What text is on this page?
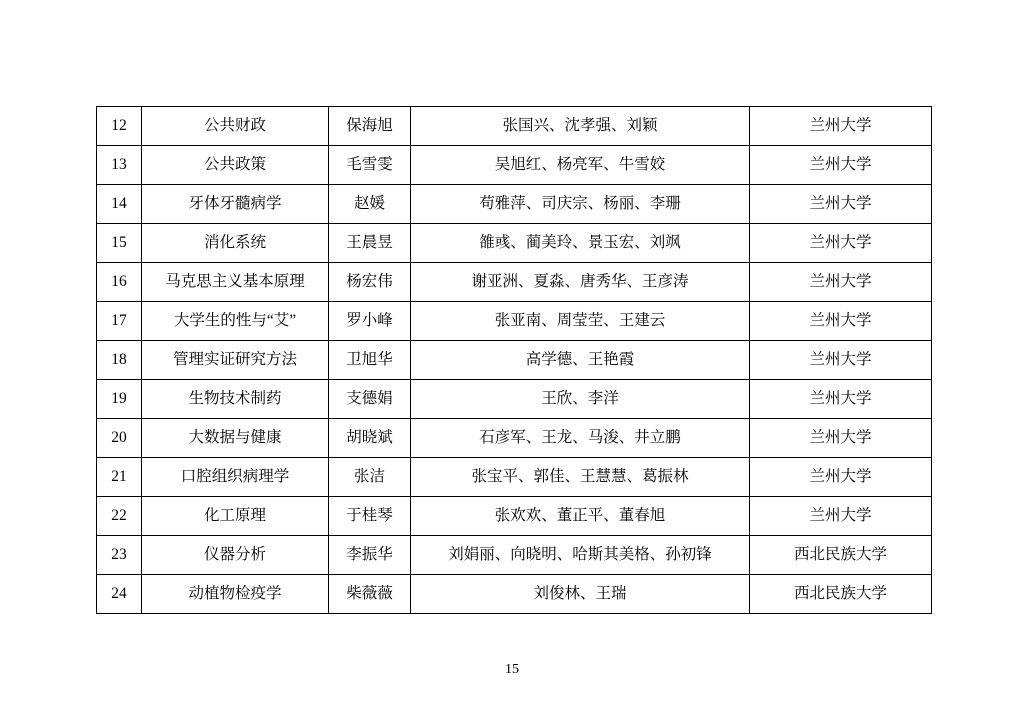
12	公共财政	保海旭	张国兴、沈孝强、刘颖	兰州大学
13	公共政策	毛雪雯	吴旭红、杨亮军、牛雪姣	兰州大学
14	牙体牙髓病学	赵媛	苟雅萍、司庆宗、杨丽、李珊	兰州大学
15	消化系统	王晨昱	雒彧、蔺美玲、景玉宏、刘飒	兰州大学
16	马克思主义基本原理	杨宏伟	谢亚洲、夏淼、唐秀华、王彦涛	兰州大学
17	大学生的性与“艾”	罗小峰	张亚南、周莹茔、王建云	兰州大学
18	管理实证研究方法	卫旭华	高学德、王艳霞	兰州大学
19	生物技术制药	支德娟	王欣、李洋	兰州大学
20	大数据与健康	胡晓斌	石彦军、王龙、马浚、井立鹏	兰州大学
21	口腔组织病理学	张洁	张宝平、郭佳、王慧慧、葛振林	兰州大学
22	化工原理	于桂琴	张欢欢、董正平、董春旭	兰州大学
23	仪器分析	李振华	刘娟丽、向晓明、哈斯其美格、孙初锋	西北民族大学
24	动植物检疫学	柴薇薇	刘俊林、王瑞	西北民族大学
15
